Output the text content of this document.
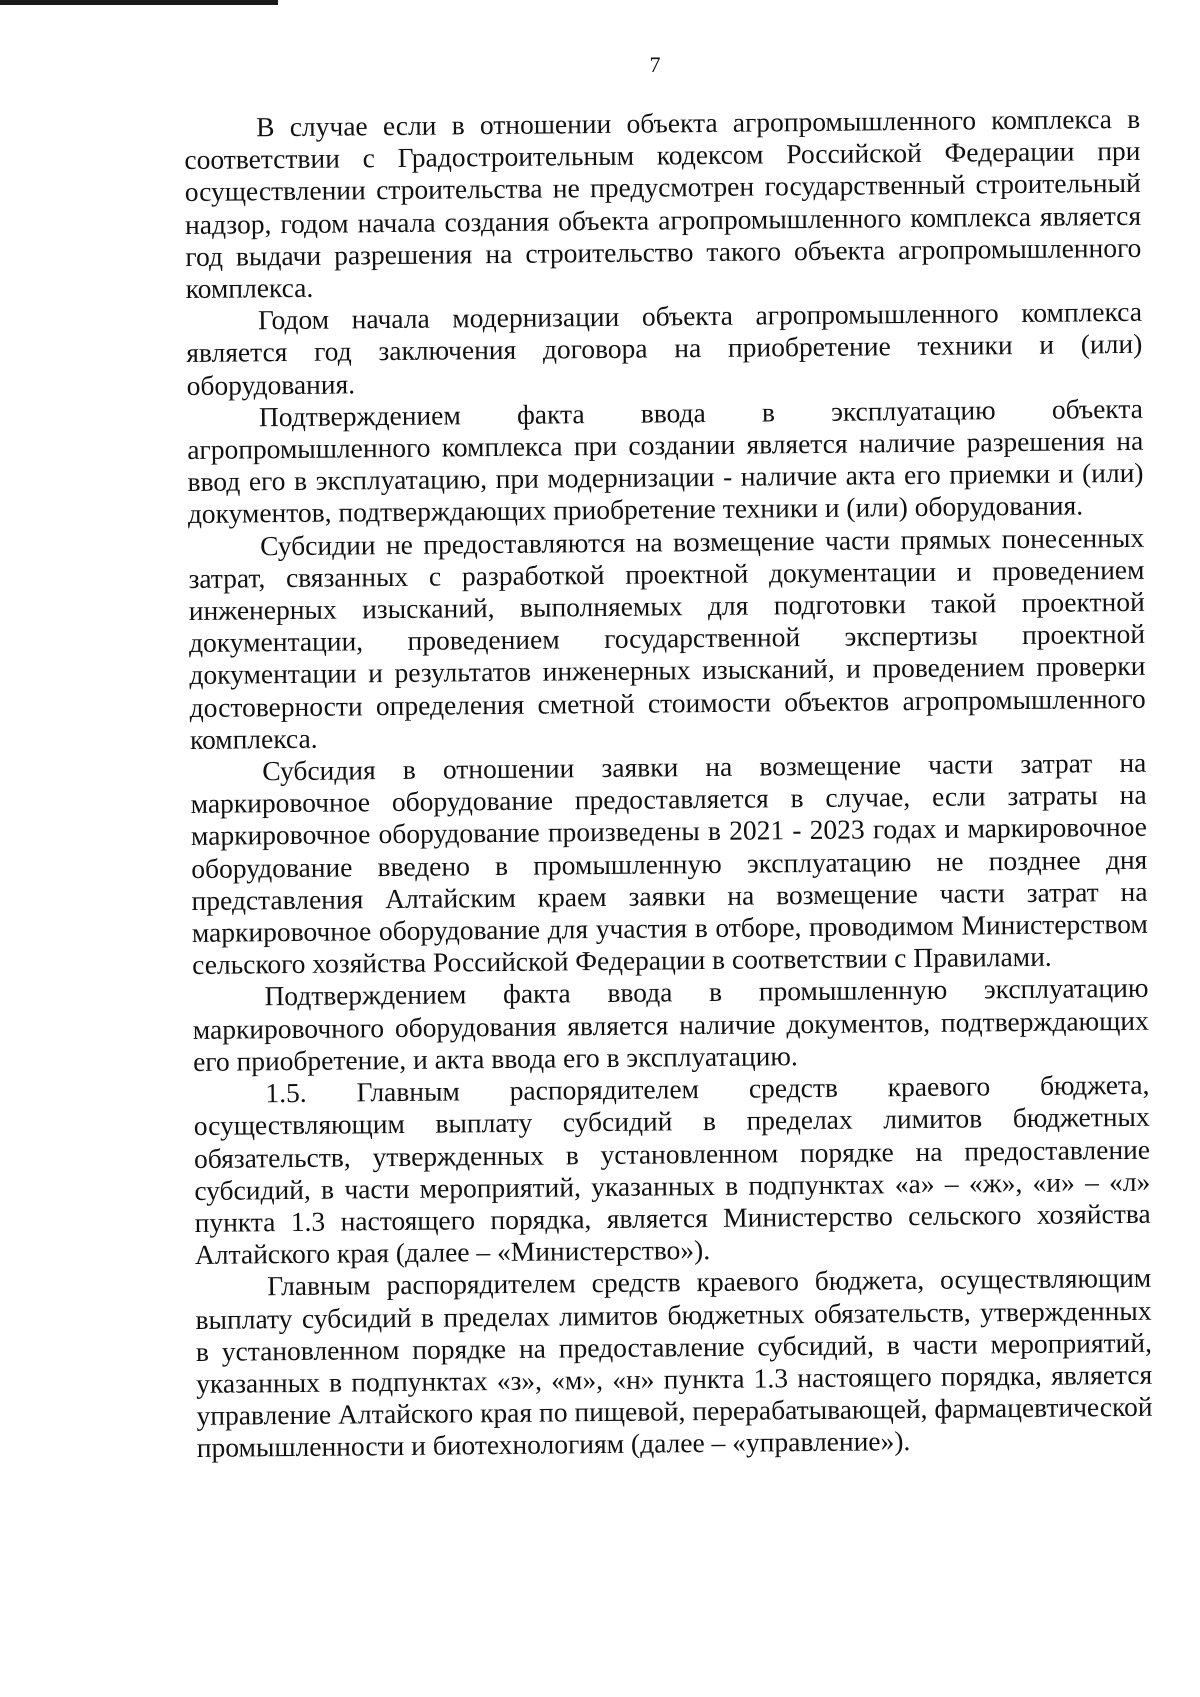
7

В случае если в отношении объекта агропромышленного комплекса в соответствии с Градостроительным кодексом Российской Федерации при осуществлении строительства не предусмотрен государственный строительный надзор, годом начала создания объекта агропромышленного комплекса является год выдачи разрешения на строительство такого объекта агропромышленного комплекса.

Годом начала модернизации объекта агропромышленного комплекса является год заключения договора на приобретение техники и (или) оборудования.

Подтверждением факта ввода в эксплуатацию объекта агропромышленного комплекса при создании является наличие разрешения на ввод его в эксплуатацию, при модернизации - наличие акта его приемки и (или) документов, подтверждающих приобретение техники и (или) оборудования.

Субсидии не предоставляются на возмещение части прямых понесенных затрат, связанных с разработкой проектной документации и проведением инженерных изысканий, выполняемых для подготовки такой проектной документации, проведением государственной экспертизы проектной документации и результатов инженерных изысканий, и проведением проверки достоверности определения сметной стоимости объектов агропромышленного комплекса.

Субсидия в отношении заявки на возмещение части затрат на маркировочное оборудование предоставляется в случае, если затраты на маркировочное оборудование произведены в 2021 - 2023 годах и маркировочное оборудование введено в промышленную эксплуатацию не позднее дня представления Алтайским краем заявки на возмещение части затрат на маркировочное оборудование для участия в отборе, проводимом Министерством сельского хозяйства Российской Федерации в соответствии с Правилами.

Подтверждением факта ввода в промышленную эксплуатацию маркировочного оборудования является наличие документов, подтверждающих его приобретение, и акта ввода его в эксплуатацию.

1.5. Главным распорядителем средств краевого бюджета, осуществляющим выплату субсидий в пределах лимитов бюджетных обязательств, утвержденных в установленном порядке на предоставление субсидий, в части мероприятий, указанных в подпунктах «а» – «ж», «и» – «л» пункта 1.3 настоящего порядка, является Министерство сельского хозяйства Алтайского края (далее – «Министерство»).

Главным распорядителем средств краевого бюджета, осуществляющим выплату субсидий в пределах лимитов бюджетных обязательств, утвержденных в установленном порядке на предоставление субсидий, в части мероприятий, указанных в подпунктах «з», «м», «н» пункта 1.3 настоящего порядка, является управление Алтайского края по пищевой, перерабатывающей, фармацевтической промышленности и биотехнологиям (далее – «управление»).
